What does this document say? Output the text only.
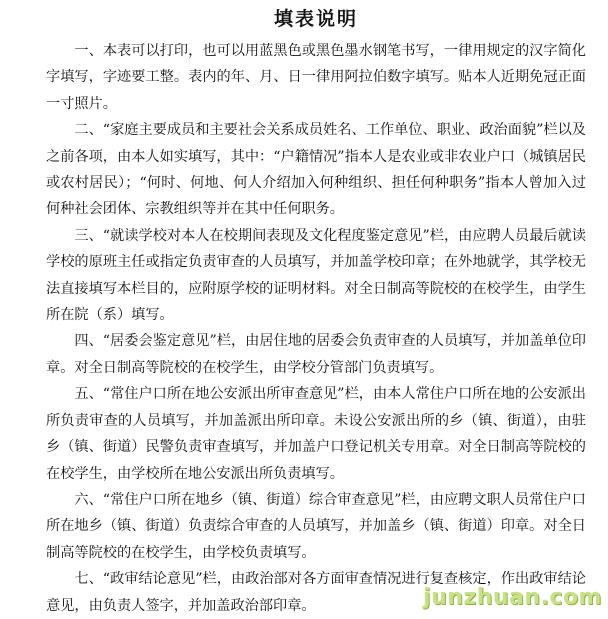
填表说明

一、本表可以打印，也可以用蓝黑色或黑色墨水钢笔书写，一律用规定的汉字简化字填写，字迹要工整。表内的年、月、日一律用阿拉伯数字填写。贴本人近期免冠正面一寸照片。

二、“家庭主要成员和主要社会关系成员姓名、工作单位、职业、政治面貌”栏以及之前各项，由本人如实填写，其中：“户籍情况”指本人是农业或非农业户口（城镇居民或农村居民）；“何时、何地、何人介绍加入何种组织、担任何种职务”指本人曾加入过何种社会团体、宗教组织等并在其中任何职务。

三、“就读学校对本人在校期间表现及文化程度鉴定意见”栏，由应聘人员最后就读学校的原班主任或指定负责审查的人员填写，并加盖学校印章；在外地就学，其学校无法直接填写本栏目的，应附原学校的证明材料。对全日制高等院校的在校学生，由学生所在院（系）填写。

四、“居委会鉴定意见”栏，由居住地的居委会负责审查的人员填写，并加盖单位印章。对全日制高等院校的在校学生，由学校分管部门负责填写。

五、“常住户口所在地公安派出所审查意见”栏，由本人常住户口所在地的公安派出所负责审查的人员填写，并加盖派出所印章。未设公安派出所的乡（镇、街道），由驻乡（镇、街道）民警负责审查填写，并加盖户口登记机关专用章。对全日制高等院校的在校学生，由学校所在地公安派出所负责填写。

六、“常住户口所在地乡（镇、街道）综合审查意见”栏，由应聘文职人员常住户口所在地乡（镇、街道）负责综合审查的人员填写，并加盖乡（镇、街道）印章。对全日制高等院校的在校学生，由学校负责填写。

七、“政审结论意见”栏，由政治部对各方面审查情况进行复查核定，作出政审结论意见，由负责人签字，并加盖政治部印章。	junzhuan.com
